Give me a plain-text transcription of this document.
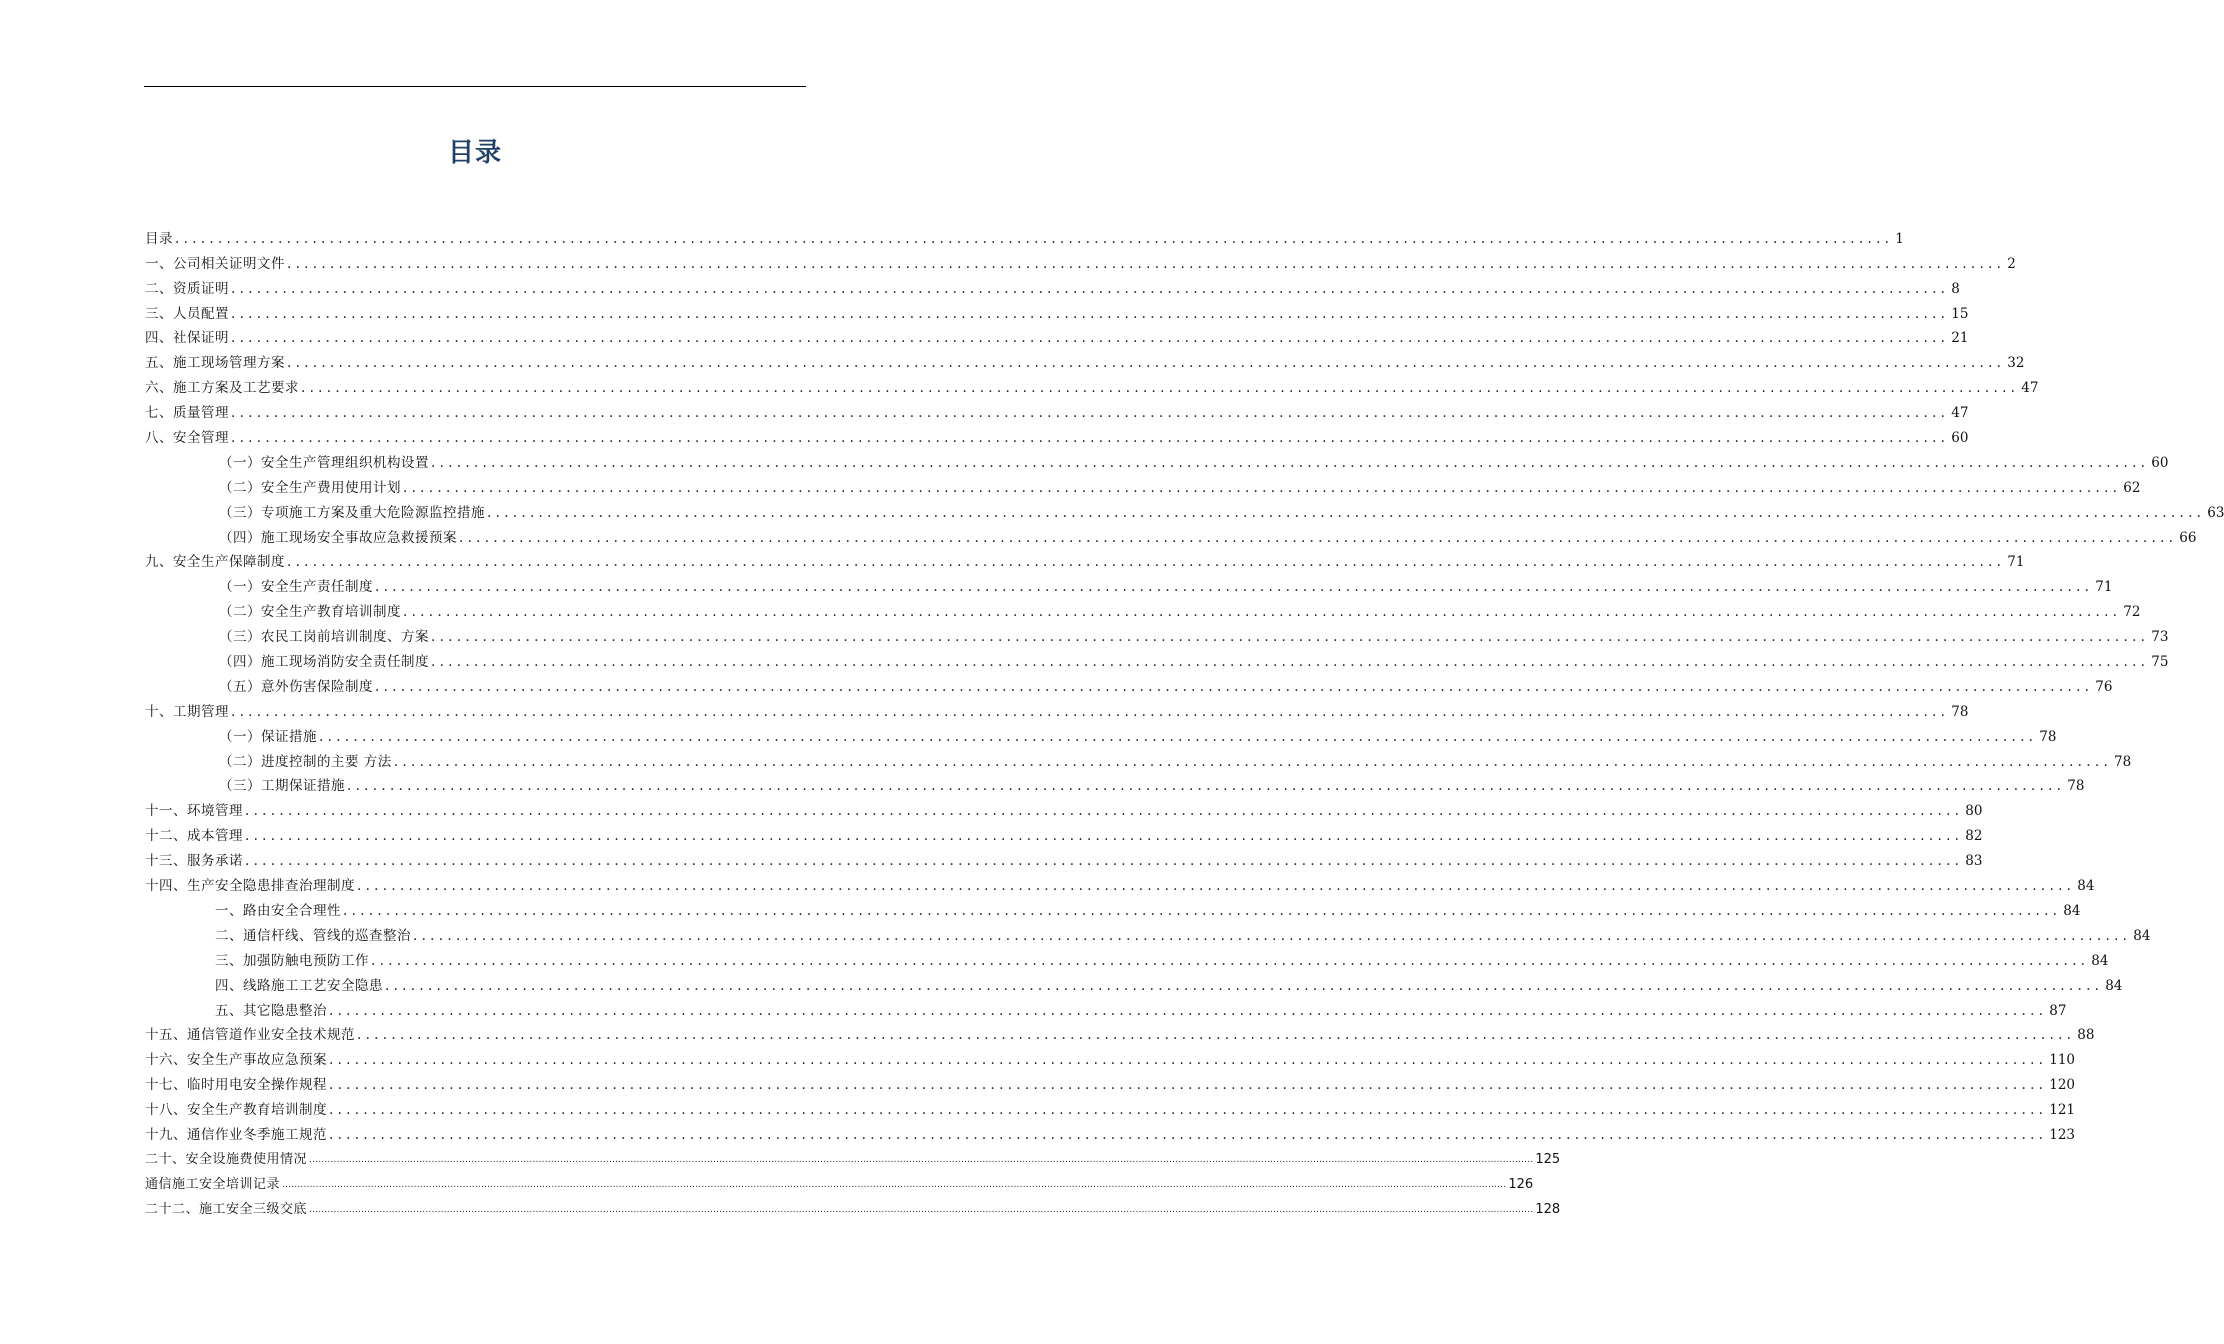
目录
目录 ........................................................................................................................................................................................................ 1
一、公司相关证明文件 ........................................................................................................................................................................................................ 2
二、资质证明 ........................................................................................................................................................................................................ 8
三、人员配置 ........................................................................................................................................................................................................ 15
四、社保证明 ........................................................................................................................................................................................................ 21
五、施工现场管理方案 ........................................................................................................................................................................................................ 32
六、施工方案及工艺要求 ........................................................................................................................................................................................................ 47
七、质量管理 ........................................................................................................................................................................................................ 47
八、安全管理 ........................................................................................................................................................................................................ 60
（一）安全生产管理组织机构设置 ........................................................................................................................................................................................................ 60
（二）安全生产费用使用计划 ........................................................................................................................................................................................................ 62
（三）专项施工方案及重大危险源监控措施 ........................................................................................................................................................................................................ 63
（四）施工现场安全事故应急救援预案 ........................................................................................................................................................................................................ 66
九、安全生产保障制度 ........................................................................................................................................................................................................ 71
（一）安全生产责任制度 ........................................................................................................................................................................................................ 71
（二）安全生产教育培训制度 ........................................................................................................................................................................................................ 72
（三）农民工岗前培训制度、方案 ........................................................................................................................................................................................................ 73
（四）施工现场消防安全责任制度 ........................................................................................................................................................................................................ 75
（五）意外伤害保险制度 ........................................................................................................................................................................................................ 76
十、工期管理 ........................................................................................................................................................................................................ 78
（一）保证措施 ........................................................................................................................................................................................................ 78
（二）进度控制的主要 方法 ........................................................................................................................................................................................................ 78
（三）工期保证措施 ........................................................................................................................................................................................................ 78
十一、环境管理 ........................................................................................................................................................................................................ 80
十二、成本管理 ........................................................................................................................................................................................................ 82
十三、服务承诺 ........................................................................................................................................................................................................ 83
十四、生产安全隐患排查治理制度 ........................................................................................................................................................................................................ 84
一、路由安全合理性 ........................................................................................................................................................................................................ 84
二、通信杆线、管线的巡查整治 ........................................................................................................................................................................................................ 84
三、加强防触电预防工作 ........................................................................................................................................................................................................ 84
四、线路施工工艺安全隐患 ........................................................................................................................................................................................................ 84
五、其它隐患整治 ........................................................................................................................................................................................................ 87
十五、通信管道作业安全技术规范 ........................................................................................................................................................................................................ 88
十六、安全生产事故应急预案 ........................................................................................................................................................................................................ 110
十七、临时用电安全操作规程 ........................................................................................................................................................................................................ 120
十八、安全生产教育培训制度 ........................................................................................................................................................................................................ 121
十九、通信作业冬季施工规范 ........................................................................................................................................................................................................ 123
二十、安全设施费使用情况 ................................................................................................................................................................................................................................................................................................................................................................................................................ 125
通信施工安全培训记录 ................................................................................................................................................................................................................................................................................................................................................................................................................ 126
二十二、施工安全三级交底 ................................................................................................................................................................................................................................................................................................................................................................................................................ 128
